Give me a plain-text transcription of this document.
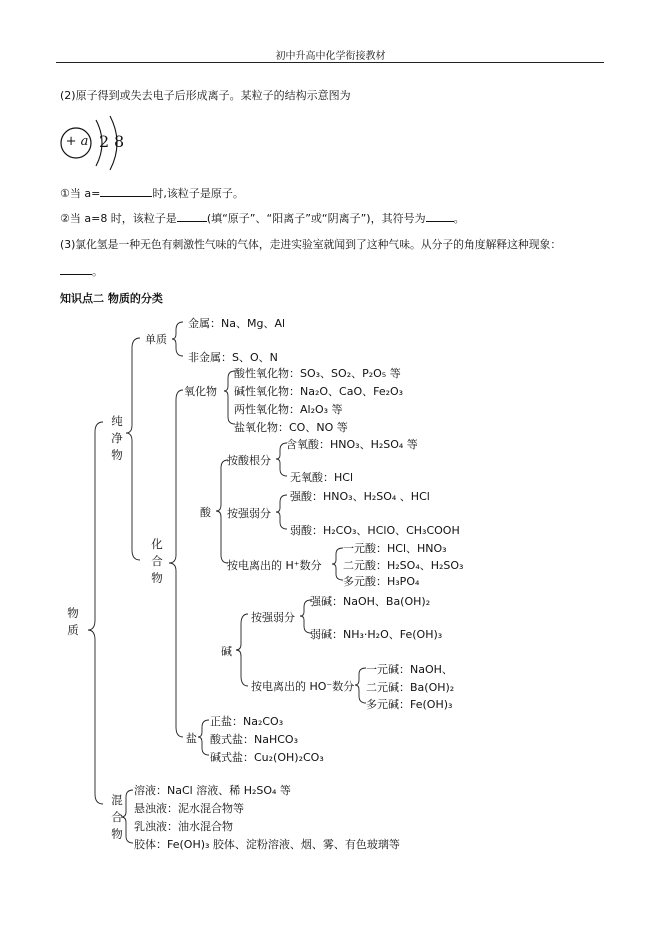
初中升高中化学衔接教材
(2)原子得到或失去电子后形成离子。某粒子的结构示意图为
+ a 2 8
①当 a=	时,该粒子是原子。
②当 a=8 时，该粒子是	(填“原子”、“阳离子”或“阴离子”)，其符号为	。
(3)氯化氢是一种无色有刺激性气味的气体，走进实验室就闻到了这种气味。从分子的角度解释这种现象：
。
知识点二 物质的分类
物质
纯净物
混合物
化合物
单质
金属：Na、Mg、Al
非金属：S、O、N
氧化物
酸性氧化物：SO₃、SO₂、P₂O₅ 等
碱性氧化物：Na₂O、CaO、Fe₂O₃
两性氧化物：Al₂O₃ 等
盐氧化物：CO、NO 等
酸
按酸根分
含氧酸：HNO₃、H₂SO₄ 等
无氧酸：HCl
按强弱分
强酸：HNO₃、H₂SO₄ 、HCl
弱酸：H₂CO₃、HClO、CH₃COOH
按电离出的 H⁺数分
一元酸：HCl、HNO₃
二元酸：H₂SO₄、H₂SO₃
多元酸：H₃PO₄
碱
按强弱分
强碱：NaOH、Ba(OH)₂
弱碱：NH₃·H₂O、Fe(OH)₃
按电离出的 HO⁻数分
一元碱：NaOH、
二元碱：Ba(OH)₂
多元碱：Fe(OH)₃
盐
正盐：Na₂CO₃
酸式盐：NaHCO₃
碱式盐：Cu₂(OH)₂CO₃
溶液：NaCl 溶液、稀 H₂SO₄ 等
悬浊液：泥水混合物等
乳浊液：油水混合物
胶体：Fe(OH)₃ 胶体、淀粉溶液、烟、雾、有色玻璃等
